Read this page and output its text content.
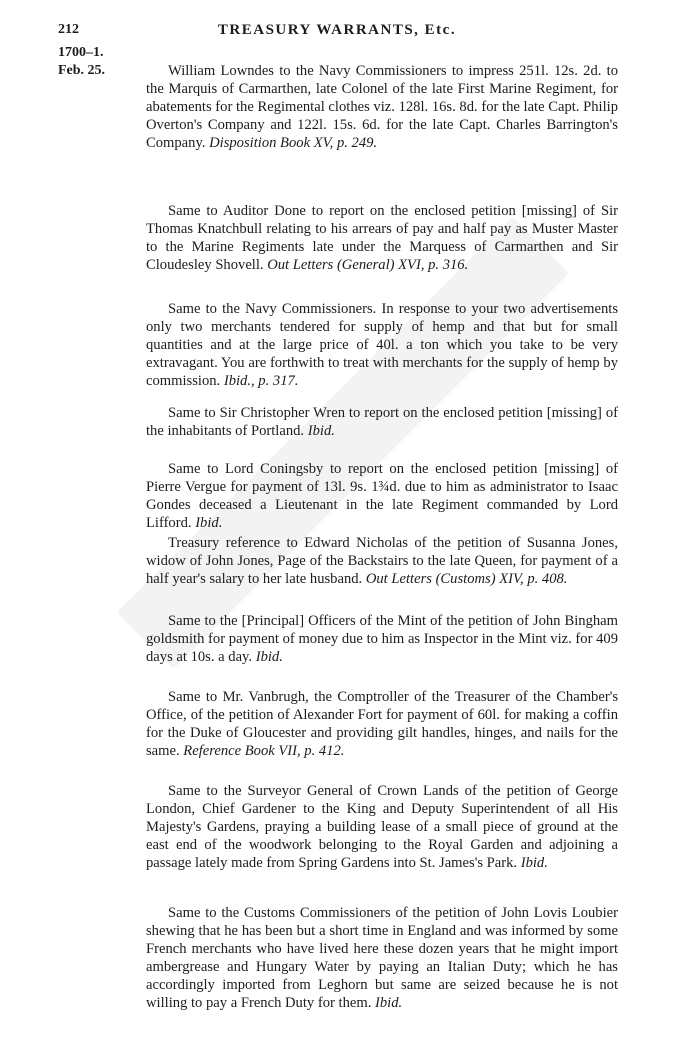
212	TREASURY WARRANTS, Etc.
1700–1.
Feb. 25.	William Lowndes to the Navy Commissioners to impress 251l. 12s. 2d. to the Marquis of Carmarthen, late Colonel of the late First Marine Regiment, for abatements for the Regimental clothes viz. 128l. 16s. 8d. for the late Capt. Philip Overton's Company and 122l. 15s. 6d. for the late Capt. Charles Barrington's Company. Disposition Book XV, p. 249.

Same to Auditor Done to report on the enclosed petition [missing] of Sir Thomas Knatchbull relating to his arrears of pay and half pay as Muster Master to the Marine Regiments late under the Marquess of Carmarthen and Sir Cloudesley Shovell. Out Letters (General) XVI, p. 316.

Same to the Navy Commissioners. In response to your two advertisements only two merchants tendered for supply of hemp and that but for small quantities and at the large price of 40l. a ton which you take to be very extravagant. You are forthwith to treat with merchants for the supply of hemp by commission. Ibid., p. 317.

Same to Sir Christopher Wren to report on the enclosed petition [missing] of the inhabitants of Portland. Ibid.

Same to Lord Coningsby to report on the enclosed petition [missing] of Pierre Vergue for payment of 13l. 9s. 1¾d. due to him as administrator to Isaac Gondes deceased a Lieutenant in the late Regiment commanded by Lord Lifford. Ibid.

Treasury reference to Edward Nicholas of the petition of Susanna Jones, widow of John Jones, Page of the Backstairs to the late Queen, for payment of a half year's salary to her late husband. Out Letters (Customs) XIV, p. 408.

Same to the [Principal] Officers of the Mint of the petition of John Bingham goldsmith for payment of money due to him as Inspector in the Mint viz. for 409 days at 10s. a day. Ibid.

Same to Mr. Vanbrugh, the Comptroller of the Treasurer of the Chamber's Office, of the petition of Alexander Fort for payment of 60l. for making a coffin for the Duke of Gloucester and providing gilt handles, hinges, and nails for the same. Reference Book VII, p. 412.

Same to the Surveyor General of Crown Lands of the petition of George London, Chief Gardener to the King and Deputy Superintendent of all His Majesty's Gardens, praying a building lease of a small piece of ground at the east end of the woodwork belonging to the Royal Garden and adjoining a passage lately made from Spring Gardens into St. James's Park. Ibid.

Same to the Customs Commissioners of the petition of John Lovis Loubier shewing that he has been but a short time in England and was informed by some French merchants who have lived here these dozen years that he might import ambergrease and Hungary Water by paying an Italian Duty; which he has accordingly imported from Leghorn but same are seized because he is not willing to pay a French Duty for them. Ibid.
